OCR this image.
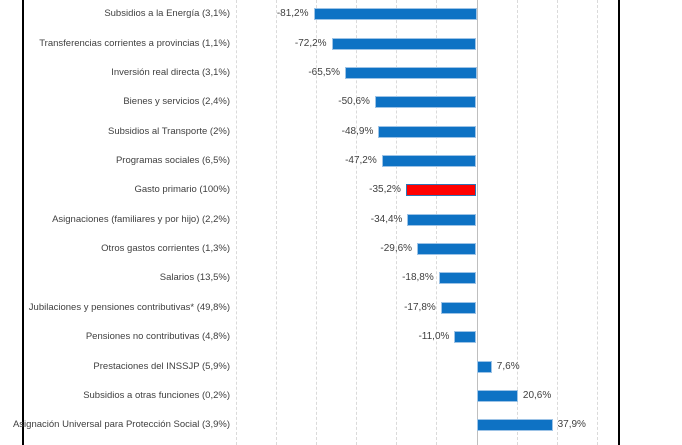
Subsidios a la Energía (3,1%)	-81,2%
Transferencias corrientes a provincias (1,1%)	-72,2%
Inversión real directa (3,1%)	-65,5%
Bienes y servicios (2,4%)	-50,6%
Subsidios al Transporte (2%)	-48,9%
Programas sociales (6,5%)	-47,2%
Gasto primario (100%)	-35,2%
Asignaciones (familiares y por hijo) (2,2%)	-34,4%
Otros gastos corrientes (1,3%)	-29,6%
Salarios (13,5%)	-18,8%
Jubilaciones y pensiones contributivas* (49,8%)	-17,8%
Pensiones no contributivas (4,8%)	-11,0%
Prestaciones del INSSJP (5,9%)	7,6%
Subsidios a otras funciones (0,2%)	20,6%
Asignación Universal para Protección Social (3,9%)	37,9%
